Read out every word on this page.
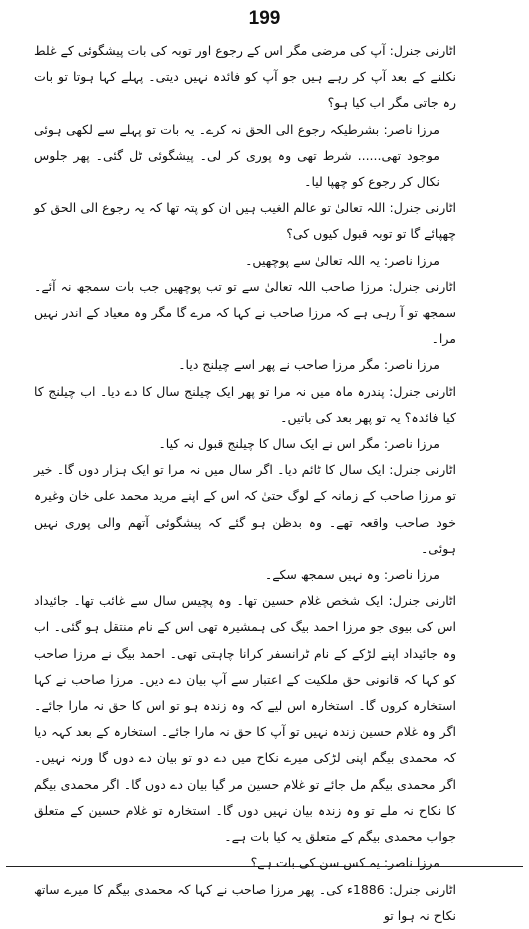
199

اٹارنی جنرل: آپ کی مرضی مگر اس کے رجوع اور توبہ کی بات پیشگوئی کے غلط نکلنے کے بعد آپ کر رہے ہیں جو آپ کو فائدہ نہیں دیتی۔ پہلے کہا ہوتا تو بات رہ جاتی مگر اب کیا ہو؟

مرزا ناصر: بشرطیکہ رجوع الی الحق نہ کرے۔ یہ بات تو پہلے سے لکھی ہوئی موجود تھی...... شرط تھی وہ پوری کر لی۔ پیشگوئی ٹل گئی۔ پھر جلوس نکال کر رجوع کو چھپا لیا۔

اٹارنی جنرل: اللہ تعالیٰ تو عالم الغیب ہیں ان کو پتہ تھا کہ یہ رجوع الی الحق کو چھپائے گا تو توبہ قبول کیوں کی؟

مرزا ناصر: یہ اللہ تعالیٰ سے پوچھیں۔

اٹارنی جنرل: مرزا صاحب اللہ تعالیٰ سے تو تب پوچھیں جب بات سمجھ نہ آئے۔ سمجھ تو آ رہی ہے کہ مرزا صاحب نے کہا کہ مرے گا مگر وہ معیاد کے اندر نہیں مرا۔

مرزا ناصر: مگر مرزا صاحب نے پھر اسے چیلنج دیا۔

اٹارنی جنرل: پندرہ ماہ میں نہ مرا تو پھر ایک چیلنج سال کا دے دیا۔ اب چیلنج کا کیا فائدہ؟ یہ تو پھر بعد کی باتیں۔

مرزا ناصر: مگر اس نے ایک سال کا چیلنج قبول نہ کیا۔

اٹارنی جنرل: ایک سال کا ٹائم دیا۔ اگر سال میں نہ مرا تو ایک ہزار دوں گا۔ خیر تو مرزا صاحب کے زمانہ کے لوگ حتیٰ کہ اس کے اپنے مرید محمد علی خان وغیرہ خود صاحب واقعہ تھے۔ وہ بدظن ہو گئے کہ پیشگوئی آتھم والی پوری نہیں ہوئی۔

مرزا ناصر: وہ نہیں سمجھ سکے۔

اٹارنی جنرل: ایک شخص غلام حسین تھا۔ وہ پچیس سال سے غائب تھا۔ جائیداد اس کی بیوی جو مرزا احمد بیگ کی ہمشیرہ تھی اس کے نام منتقل ہو گئی۔ اب وہ جائیداد اپنے لڑکے کے نام ٹرانسفر کرانا چاہتی تھی۔ احمد بیگ نے مرزا صاحب کو کہا کہ قانونی حق ملکیت کے اعتبار سے آپ بیان دے دیں۔ مرزا صاحب نے کہا استخارہ کروں گا۔ استخارہ اس لیے کہ وہ زندہ ہو تو اس کا حق نہ مارا جائے۔ اگر وہ غلام حسین زندہ نہیں تو آپ کا حق نہ مارا جائے۔ استخارہ کے بعد کہہ دیا کہ محمدی بیگم اپنی لڑکی میرے نکاح میں دے دو تو بیان دے دوں گا ورنہ نہیں۔ اگر محمدی بیگم مل جائے تو غلام حسین مر گیا بیان دے دوں گا۔ اگر محمدی بیگم کا نکاح نہ ملے تو وہ زندہ بیان نہیں دوں گا۔ استخارہ تو غلام حسین کے متعلق جواب محمدی بیگم کے متعلق یہ کیا بات ہے۔

مرزا ناصر: یہ کس سن کی بات ہے؟

اٹارنی جنرل: 1886ء کی۔ پھر مرزا صاحب نے کہا کہ محمدی بیگم کا میرے ساتھ نکاح نہ ہوا تو
